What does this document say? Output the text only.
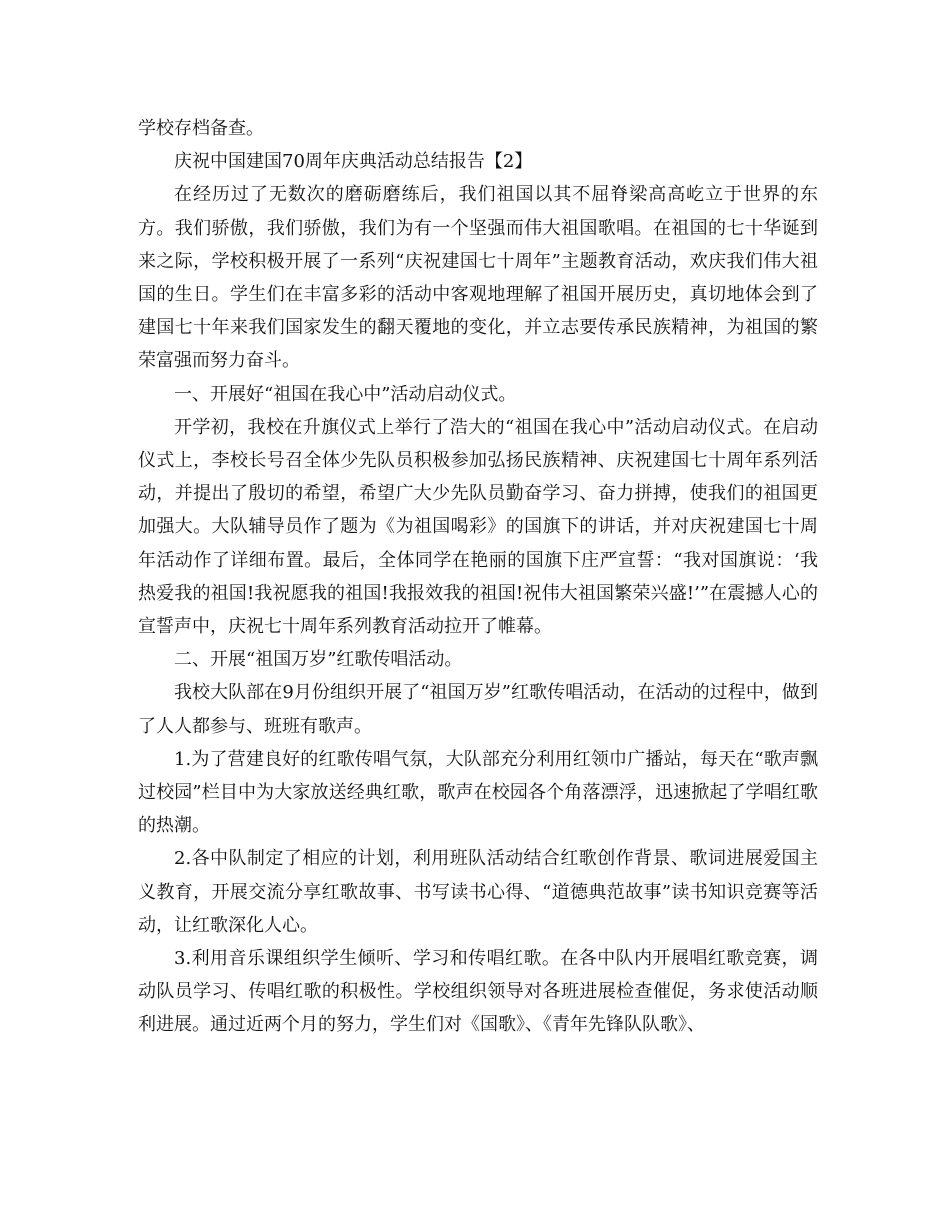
学校存档备查。

庆祝中国建国70周年庆典活动总结报告【2】

在经历过了无数次的磨砺磨练后，我们祖国以其不屈脊梁高高屹立于世界的东方。我们骄傲，我们骄傲，我们为有一个坚强而伟大祖国歌唱。在祖国的七十华诞到来之际，学校积极开展了一系列“庆祝建国七十周年”主题教育活动，欢庆我们伟大祖国的生日。学生们在丰富多彩的活动中客观地理解了祖国开展历史，真切地体会到了建国七十年来我们国家发生的翻天覆地的变化，并立志要传承民族精神，为祖国的繁荣富强而努力奋斗。

一、开展好“祖国在我心中”活动启动仪式。

开学初，我校在升旗仪式上举行了浩大的“祖国在我心中”活动启动仪式。在启动仪式上，李校长号召全体少先队员积极参加弘扬民族精神、庆祝建国七十周年系列活动，并提出了殷切的希望，希望广大少先队员勤奋学习、奋力拼搏，使我们的祖国更加强大。大队辅导员作了题为《为祖国喝彩》的国旗下的讲话，并对庆祝建国七十周年活动作了详细布置。最后，全体同学在艳丽的国旗下庄严宣誓：“我对国旗说：‘我热爱我的祖国!我祝愿我的祖国!我报效我的祖国!祝伟大祖国繁荣兴盛!’”在震撼人心的宣誓声中，庆祝七十周年系列教育活动拉开了帷幕。

二、开展“祖国万岁”红歌传唱活动。

我校大队部在9月份组织开展了“祖国万岁”红歌传唱活动，在活动的过程中，做到了人人都参与、班班有歌声。

1.为了营建良好的红歌传唱气氛，大队部充分利用红领巾广播站，每天在“歌声飘过校园”栏目中为大家放送经典红歌，歌声在校园各个角落漂浮，迅速掀起了学唱红歌的热潮。

2.各中队制定了相应的计划，利用班队活动结合红歌创作背景、歌词进展爱国主义教育，开展交流分享红歌故事、书写读书心得、“道德典范故事”读书知识竞赛等活动，让红歌深化人心。

3.利用音乐课组织学生倾听、学习和传唱红歌。在各中队内开展唱红歌竞赛，调动队员学习、传唱红歌的积极性。学校组织领导对各班进展检查催促，务求使活动顺利进展。通过近两个月的努力，学生们对《国歌》、《青年先锋队队歌》、
